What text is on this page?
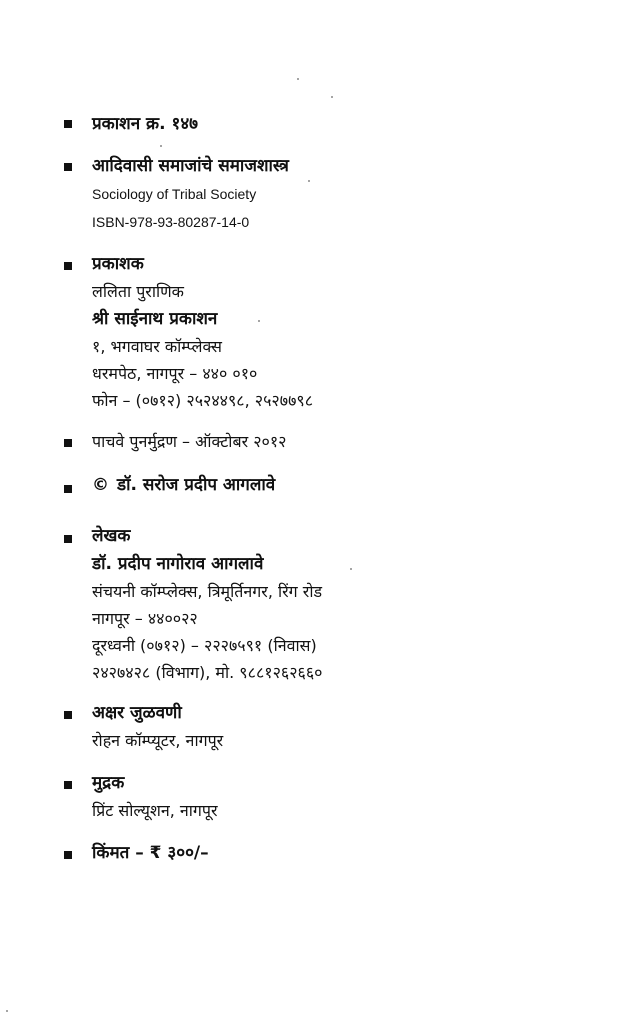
प्रकाशन क्र. १४७
आदिवासी समाजांचे समाजशास्त्र
Sociology of Tribal Society
ISBN-978-93-80287-14-0
प्रकाशक
ललिता पुराणिक
श्री साईनाथ प्रकाशन
१, भगवाघर कॉम्प्लेक्स
धरमपेठ, नागपूर – ४४० ०१०
फोन – (०७१२) २५२४४९८, २५२७७९८
पाचवे पुनर्मुद्रण – ऑक्टोबर २०१२
© डॉ. सरोज प्रदीप आगलावे
लेखक
डॉ. प्रदीप नागोराव आगलावे
संचयनी कॉम्प्लेक्स, त्रिमूर्तिनगर, रिंग रोड
नागपूर – ४४००२२
दूरध्वनी (०७१२) – २२२७५९१ (निवास)
२४२७४२८ (विभाग), मो. ९८८१२६२६६०
अक्षर जुळवणी
रोहन कॉम्प्यूटर, नागपूर
मुद्रक
प्रिंट सोल्यूशन, नागपूर
किंमत – ₹ ३००/–
